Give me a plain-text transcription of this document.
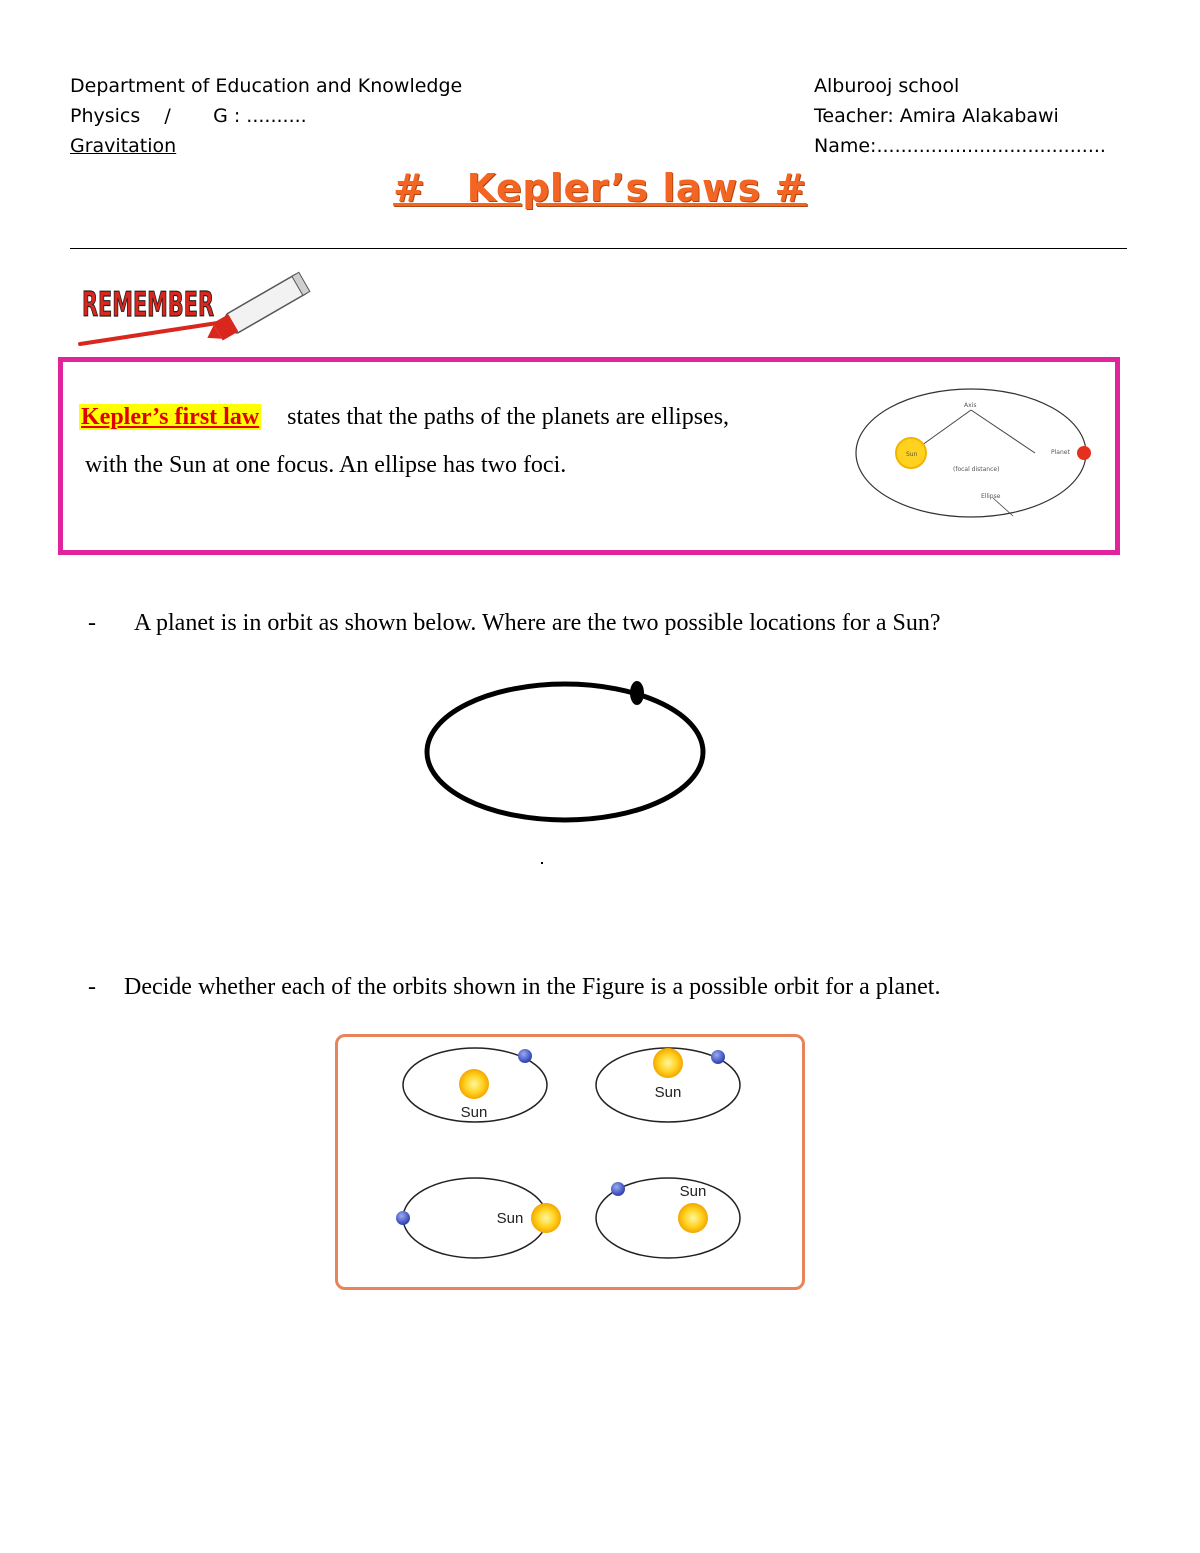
Department of Education and Knowledge
Physics    /       G : ..........
Gravitation
Alburooj school
Teacher: Amira Alakabawi
Name:......................................
#   Kepler’s laws #
REMEMBER
Kepler’s first law states that the paths of the planets are ellipses,
with the Sun at one focus. An ellipse has two foci.	Sun
Axis
Planet
(focal distance)
Ellipse
- A planet is in orbit as shown below. Where are the two possible locations for a Sun?
- Decide whether each of the orbits shown in the Figure is a possible orbit for a planet.
Sun
Sun
Sun
Sun
